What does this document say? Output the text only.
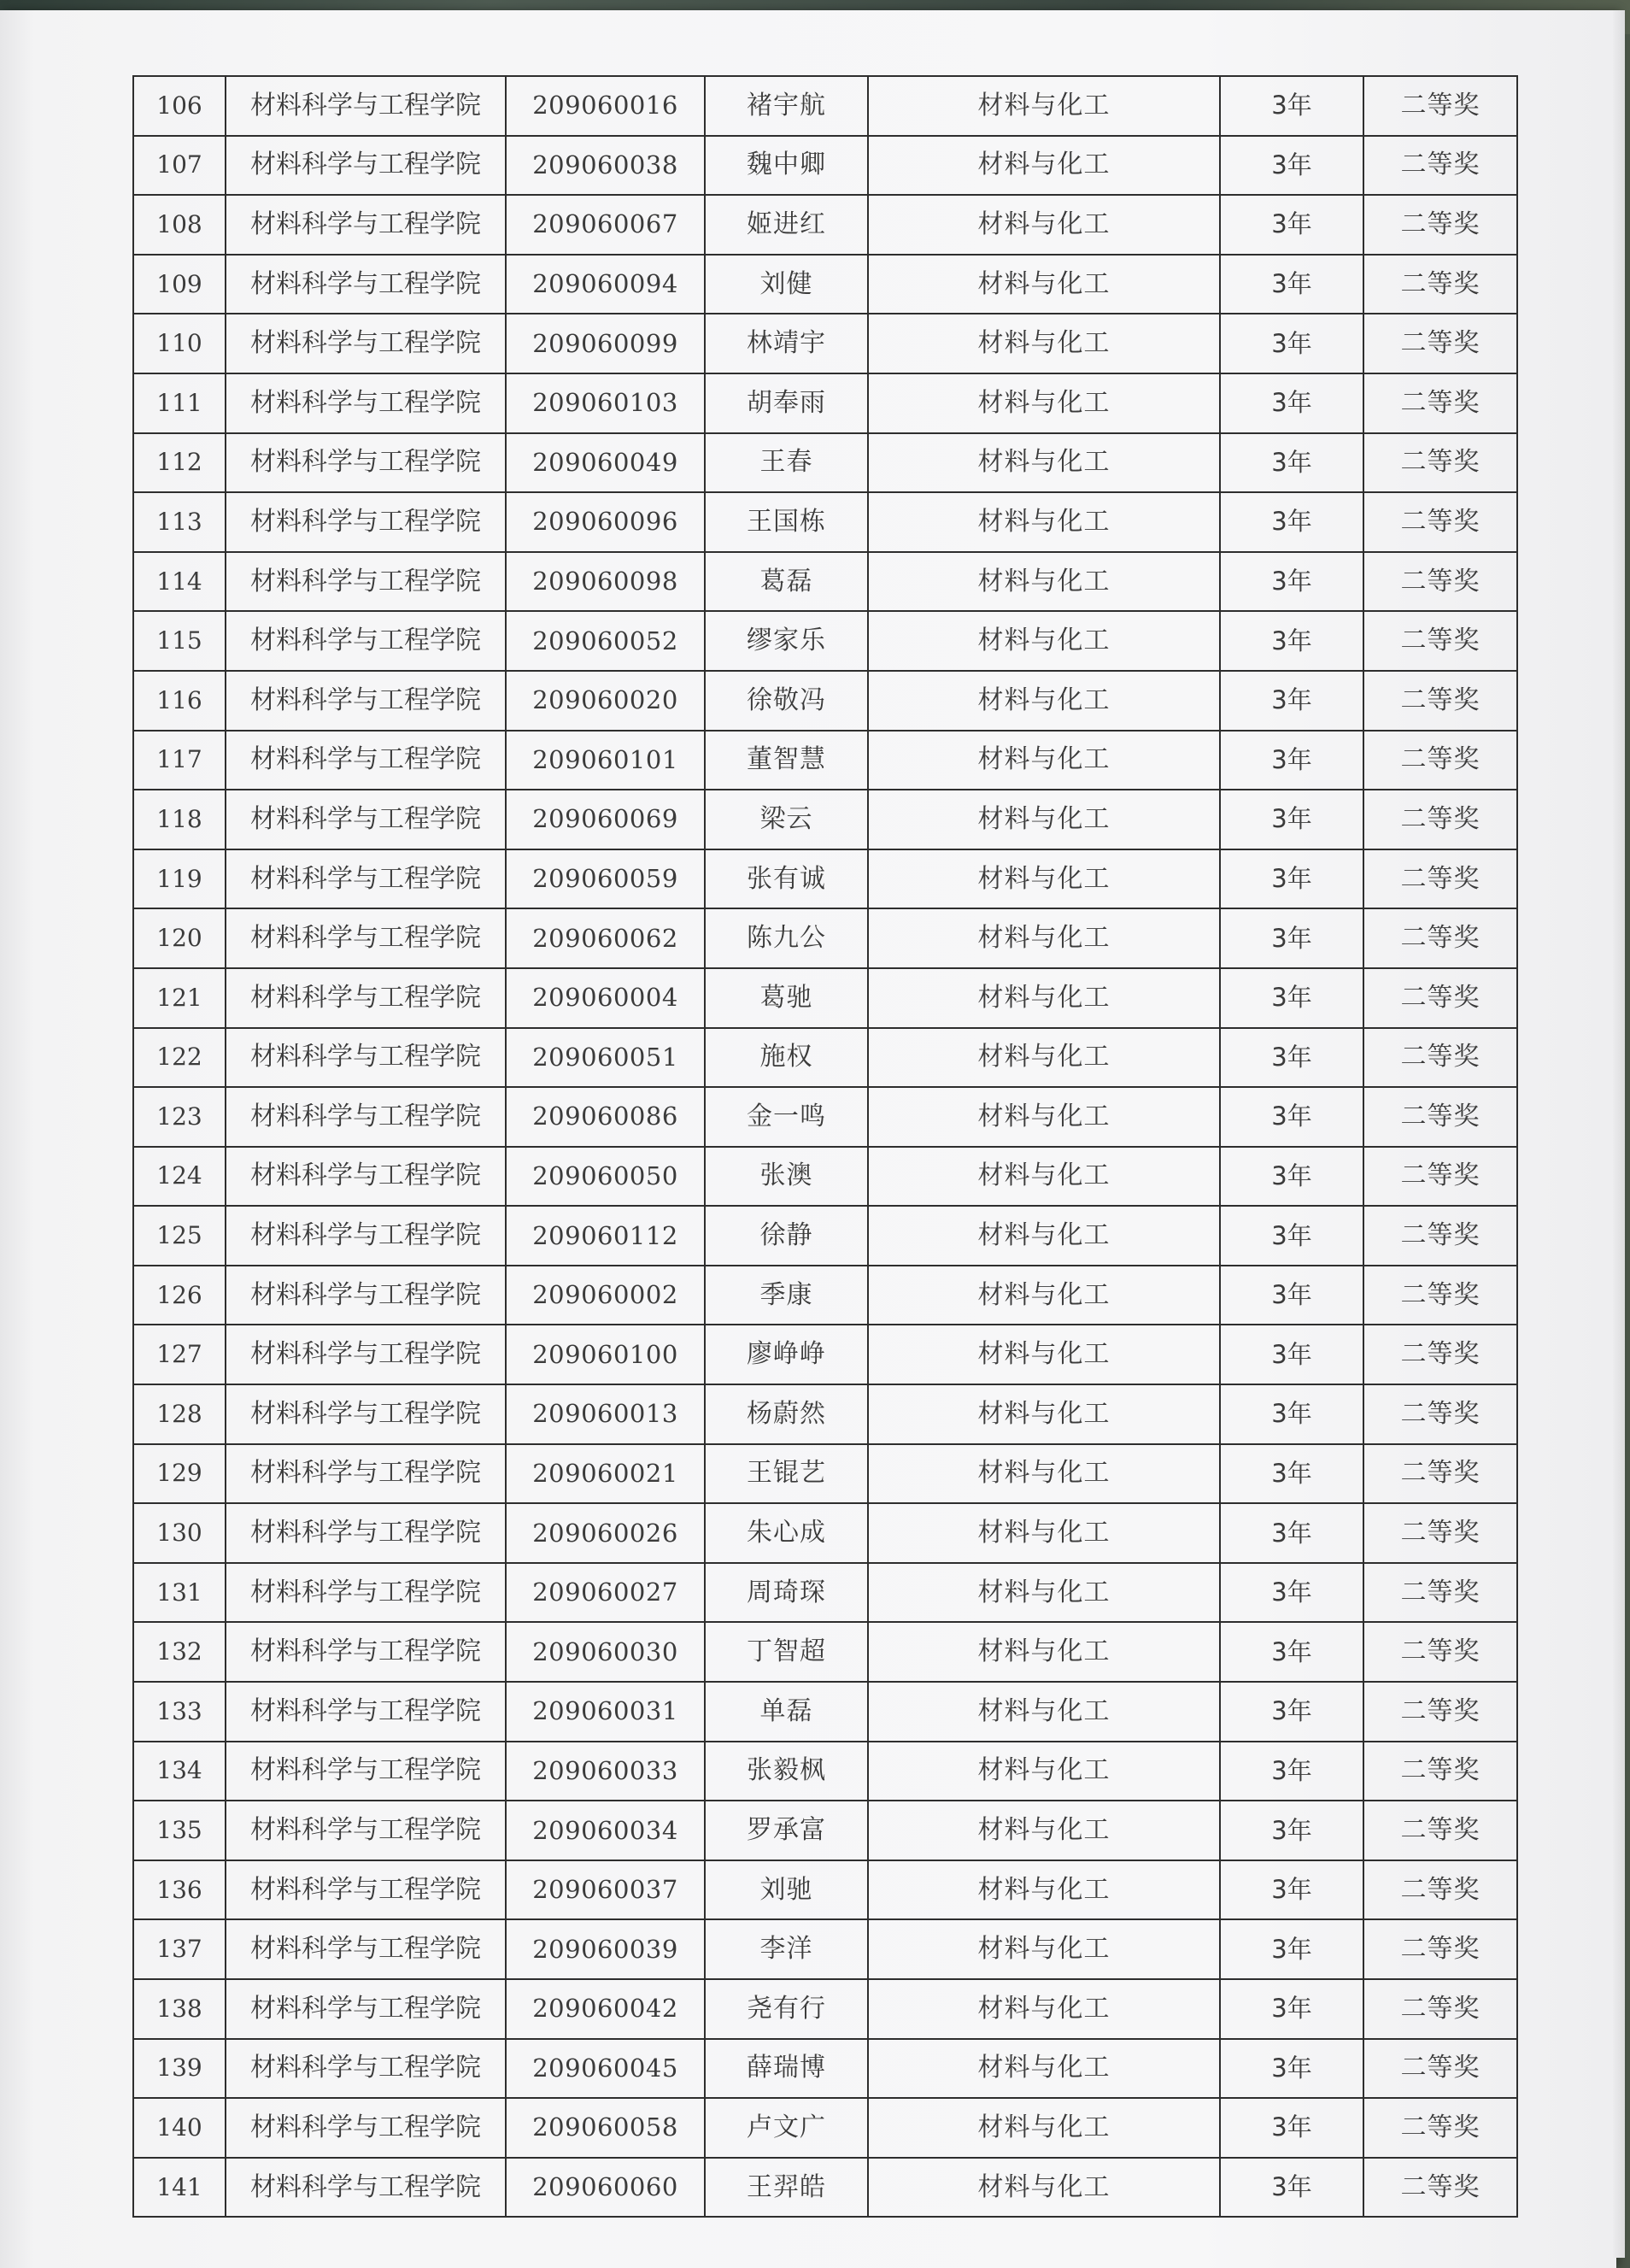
106	材料科学与工程学院	209060016	褚宇航	材料与化工	3年	二等奖
107	材料科学与工程学院	209060038	魏中卿	材料与化工	3年	二等奖
108	材料科学与工程学院	209060067	姬进红	材料与化工	3年	二等奖
109	材料科学与工程学院	209060094	刘健	材料与化工	3年	二等奖
110	材料科学与工程学院	209060099	林靖宇	材料与化工	3年	二等奖
111	材料科学与工程学院	209060103	胡奉雨	材料与化工	3年	二等奖
112	材料科学与工程学院	209060049	王春	材料与化工	3年	二等奖
113	材料科学与工程学院	209060096	王国栋	材料与化工	3年	二等奖
114	材料科学与工程学院	209060098	葛磊	材料与化工	3年	二等奖
115	材料科学与工程学院	209060052	缪家乐	材料与化工	3年	二等奖
116	材料科学与工程学院	209060020	徐敬冯	材料与化工	3年	二等奖
117	材料科学与工程学院	209060101	董智慧	材料与化工	3年	二等奖
118	材料科学与工程学院	209060069	梁云	材料与化工	3年	二等奖
119	材料科学与工程学院	209060059	张有诚	材料与化工	3年	二等奖
120	材料科学与工程学院	209060062	陈九公	材料与化工	3年	二等奖
121	材料科学与工程学院	209060004	葛驰	材料与化工	3年	二等奖
122	材料科学与工程学院	209060051	施权	材料与化工	3年	二等奖
123	材料科学与工程学院	209060086	金一鸣	材料与化工	3年	二等奖
124	材料科学与工程学院	209060050	张澳	材料与化工	3年	二等奖
125	材料科学与工程学院	209060112	徐静	材料与化工	3年	二等奖
126	材料科学与工程学院	209060002	季康	材料与化工	3年	二等奖
127	材料科学与工程学院	209060100	廖峥峥	材料与化工	3年	二等奖
128	材料科学与工程学院	209060013	杨蔚然	材料与化工	3年	二等奖
129	材料科学与工程学院	209060021	王锟艺	材料与化工	3年	二等奖
130	材料科学与工程学院	209060026	朱心成	材料与化工	3年	二等奖
131	材料科学与工程学院	209060027	周琦琛	材料与化工	3年	二等奖
132	材料科学与工程学院	209060030	丁智超	材料与化工	3年	二等奖
133	材料科学与工程学院	209060031	单磊	材料与化工	3年	二等奖
134	材料科学与工程学院	209060033	张毅枫	材料与化工	3年	二等奖
135	材料科学与工程学院	209060034	罗承富	材料与化工	3年	二等奖
136	材料科学与工程学院	209060037	刘驰	材料与化工	3年	二等奖
137	材料科学与工程学院	209060039	李洋	材料与化工	3年	二等奖
138	材料科学与工程学院	209060042	尧有行	材料与化工	3年	二等奖
139	材料科学与工程学院	209060045	薛瑞博	材料与化工	3年	二等奖
140	材料科学与工程学院	209060058	卢文广	材料与化工	3年	二等奖
141	材料科学与工程学院	209060060	王羿皓	材料与化工	3年	二等奖
